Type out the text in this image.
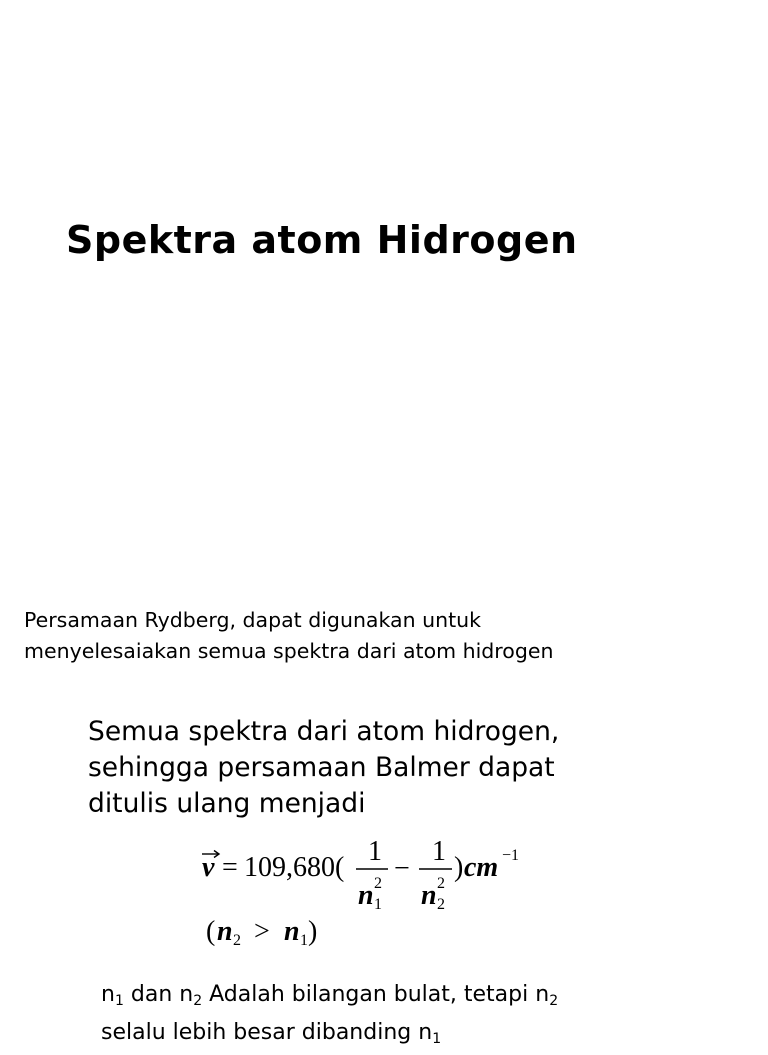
Spektra atom Hidrogen
Persamaan Rydberg, dapat digunakan untuk
menyelesaiakan semua spektra dari atom hidrogen
Semua spektra dari atom hidrogen,
sehingga persamaan Balmer dapat
ditulis ulang menjadi
v = 109,680(
1
n 2
1
−
1
n 2
2
) cm −1
( n 2 > n 1 )
$n_1$ dan $n_2$ Adalah bilangan bulat, tetapi $n_2$
selalu lebih besar dibanding $n_1$
